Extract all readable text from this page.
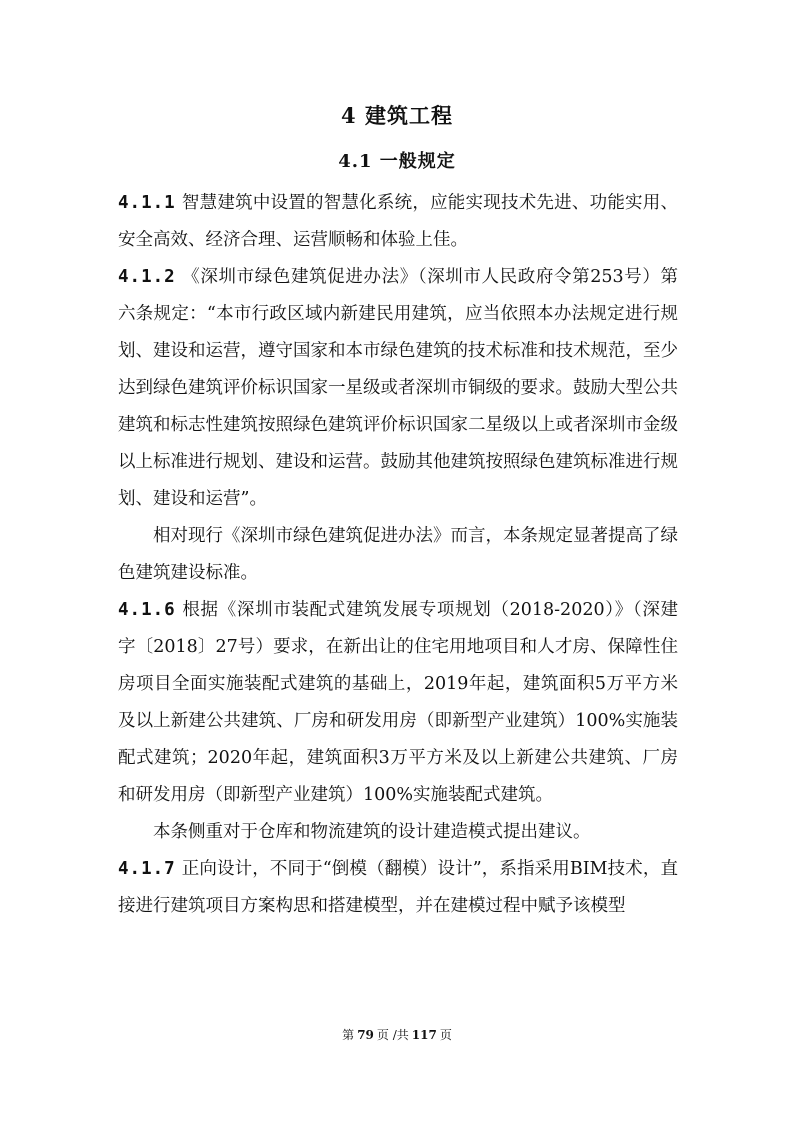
4 建筑工程
4.1 一般规定

4.1.1 智慧建筑中设置的智慧化系统，应能实现技术先进、功能实用、安全高效、经济合理、运营顺畅和体验上佳。

4.1.2 《深圳市绿色建筑促进办法》（深圳市人民政府令第253号）第六条规定：“本市行政区域内新建民用建筑，应当依照本办法规定进行规划、建设和运营，遵守国家和本市绿色建筑的技术标准和技术规范，至少达到绿色建筑评价标识国家一星级或者深圳市铜级的要求。鼓励大型公共建筑和标志性建筑按照绿色建筑评价标识国家二星级以上或者深圳市金级以上标准进行规划、建设和运营。鼓励其他建筑按照绿色建筑标准进行规划、建设和运营”。

相对现行《深圳市绿色建筑促进办法》而言，本条规定显著提高了绿色建筑建设标准。

4.1.6 根据《深圳市装配式建筑发展专项规划（2018-2020）》（深建字〔2018〕27号）要求，在新出让的住宅用地项目和人才房、保障性住房项目全面实施装配式建筑的基础上，2019年起，建筑面积5万平方米及以上新建公共建筑、厂房和研发用房（即新型产业建筑）100%实施装配式建筑；2020年起，建筑面积3万平方米及以上新建公共建筑、厂房和研发用房（即新型产业建筑）100%实施装配式建筑。

本条侧重对于仓库和物流建筑的设计建造模式提出建议。

4.1.7 正向设计，不同于“倒模（翻模）设计”，系指采用BIM技术，直接进行建筑项目方案构思和搭建模型，并在建模过程中赋予该模型

第 79 页 /共 117 页
